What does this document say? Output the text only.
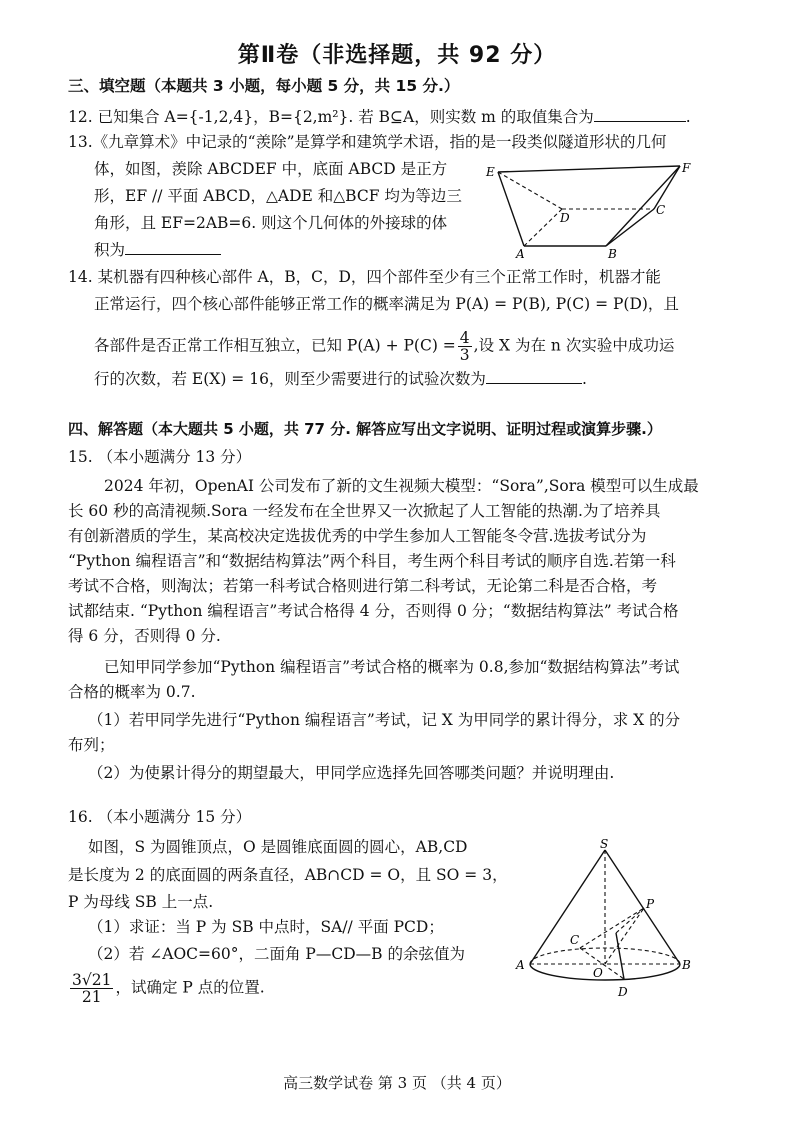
第Ⅱ卷（非选择题，共 92 分）
三、填空题（本题共 3 小题，每小题 5 分，共 15 分.）
12. 已知集合 A={-1,2,4}，B={2,m²}. 若 B⊆A，则实数 m 的取值集合为	.
13.《九章算术》中记录的“羡除”是算学和建筑学术语，指的是一段类似隧道形状的几何
体，如图，羡除 ABCDEF 中，底面 ABCD 是正方
形，EF // 平面 ABCD，△ADE 和△BCF 均为等边三
角形，且 EF=2AB=6. 则这个几何体的外接球的体
积为
E	F
D
C
A	B
14. 某机器有四种核心部件 A，B，C，D，四个部件至少有三个正常工作时，机器才能
正常运行，四个核心部件能够正常工作的概率满足为 P(A) = P(B), P(C) = P(D)，且
各部件是否正常工作相互独立，已知 $P(A) + P(C) = \frac{4}{3}$ ,设 X 为在 n 次实验中成功运
行的次数，若 E(X) = 16，则至少需要进行的试验次数为	.
四、解答题（本大题共 5 小题，共 77 分. 解答应写出文字说明、证明过程或演算步骤.）
15. （本小题满分 13 分）
2024 年初，OpenAI 公司发布了新的文生视频大模型：“Sora”,Sora 模型可以生成最
长 60 秒的高清视频.Sora 一经发布在全世界又一次掀起了人工智能的热潮.为了培养具
有创新潜质的学生，某高校决定选拔优秀的中学生参加人工智能冬令营.选拔考试分为
“Python 编程语言”和“数据结构算法”两个科目，考生两个科目考试的顺序自选.若第一科
考试不合格，则淘汰；若第一科考试合格则进行第二科考试，无论第二科是否合格，考
试都结束. “Python 编程语言”考试合格得 4 分，否则得 0 分；“数据结构算法” 考试合格
得 6 分，否则得 0 分.
已知甲同学参加“Python 编程语言”考试合格的概率为 0.8,参加“数据结构算法”考试
合格的概率为 0.7.
（1）若甲同学先进行“Python 编程语言”考试，记 X 为甲同学的累计得分，求 X 的分
布列；
（2）为使累计得分的期望最大，甲同学应选择先回答哪类问题？并说明理由.
16. （本小题满分 15 分）
如图，S 为圆锥顶点，O 是圆锥底面圆的圆心，AB,CD
是长度为 2 的底面圆的两条直径，AB∩CD = O，且 SO = 3，
P 为母线 SB 上一点.
（1）求证：当 P 为 SB 中点时，SA// 平面 PCD；
（2）若 ∠AOC=60°，二面角 P—CD—B 的余弦值为
$\frac{3√21}{21}$ ，试确定 P 点的位置.
S
P
C
A
O
B
D
高三数学试卷 第 3 页 （共 4 页）
